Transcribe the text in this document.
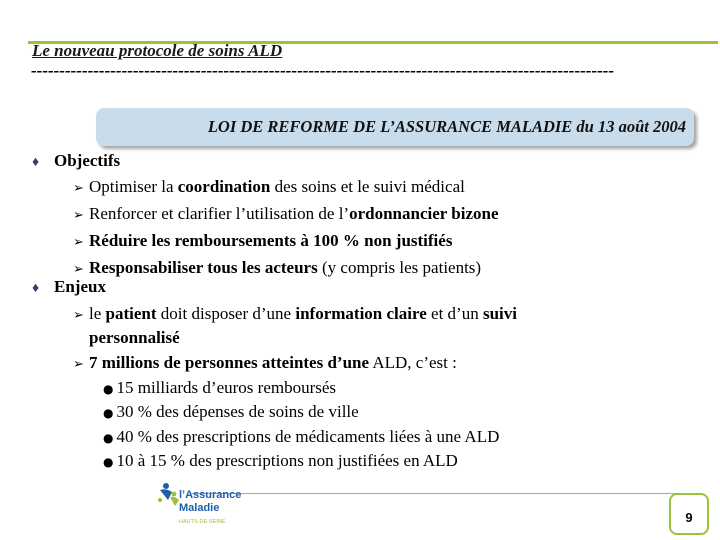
Le nouveau protocole de soins ALD
-------------------------------------------------------------------------------------------------------
LOI DE REFORME DE L’ASSURANCE MALADIE du 13 août 2004
♦ Objectifs
➢ Optimiser la coordination des soins et le suivi médical
➢ Renforcer et clarifier l’utilisation de l’ordonnancier bizone
➢ Réduire les remboursements à 100 % non justifiés
➢ Responsabiliser tous les acteurs (y compris les patients)
♦ Enjeux
➢ le patient doit disposer d’une information claire et d’un suivi
personnalisé
➢ 7 millions de personnes atteintes d’une ALD, c’est :
● 15 milliards d’euros remboursés
● 30 % des dépenses de soins de ville
● 40 % des prescriptions de médicaments liées à une ALD
● 10 à 15 % des prescriptions non justifiées en ALD
l’Assurance
Maladie
HAUTS-DE-SEINE	9
